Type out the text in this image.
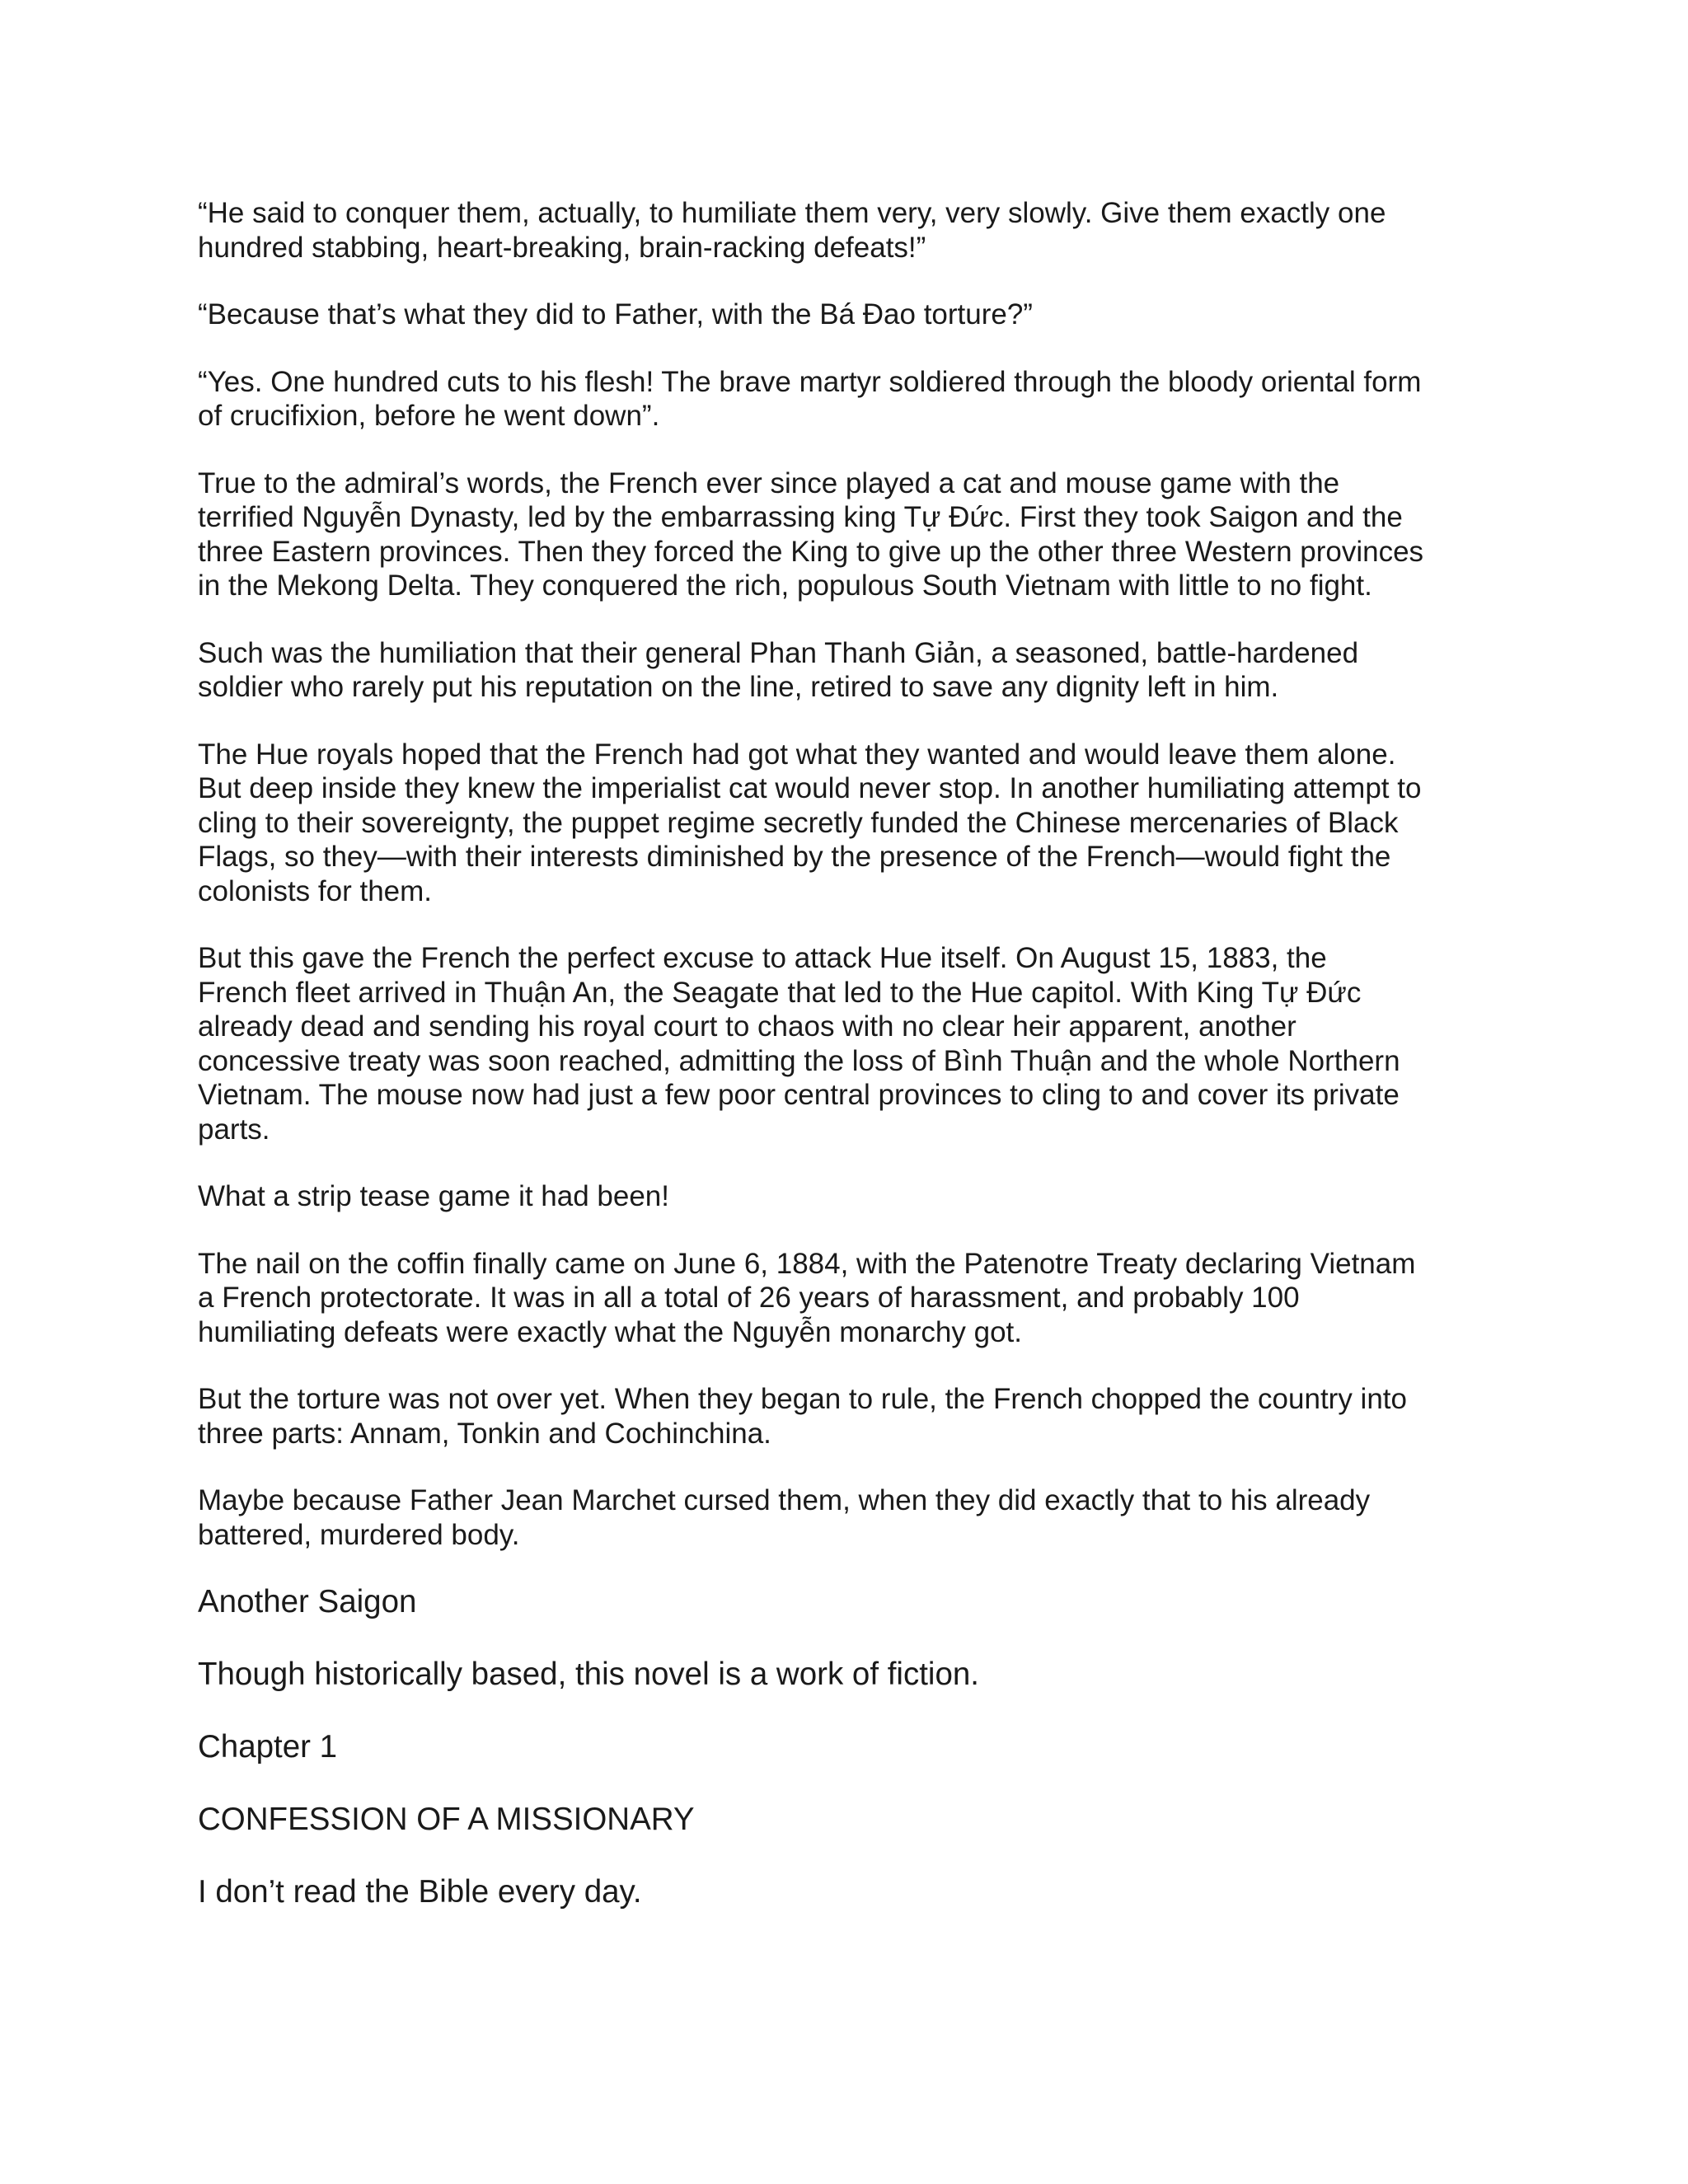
“He said to conquer them, actually, to humiliate them very, very slowly. Give them exactly one
hundred stabbing, heart-breaking, brain-racking defeats!”

“Because that’s what they did to Father, with the Bá Đao torture?”

“Yes. One hundred cuts to his flesh! The brave martyr soldiered through the bloody oriental form
of crucifixion, before he went down”.

True to the admiral’s words, the French ever since played a cat and mouse game with the
terrified Nguyễn Dynasty, led by the embarrassing king Tự Đức. First they took Saigon and the
three Eastern provinces. Then they forced the King to give up the other three Western provinces
in the Mekong Delta. They conquered the rich, populous South Vietnam with little to no fight.

Such was the humiliation that their general Phan Thanh Giản, a seasoned, battle-hardened
soldier who rarely put his reputation on the line, retired to save any dignity left in him.

The Hue royals hoped that the French had got what they wanted and would leave them alone.
But deep inside they knew the imperialist cat would never stop. In another humiliating attempt to
cling to their sovereignty, the puppet regime secretly funded the Chinese mercenaries of Black
Flags, so they—with their interests diminished by the presence of the French—would fight the
colonists for them.

But this gave the French the perfect excuse to attack Hue itself. On August 15, 1883, the
French fleet arrived in Thuận An, the Seagate that led to the Hue capitol. With King Tự Đức
already dead and sending his royal court to chaos with no clear heir apparent, another
concessive treaty was soon reached, admitting the loss of Bình Thuận and the whole Northern
Vietnam. The mouse now had just a few poor central provinces to cling to and cover its private
parts.

What a strip tease game it had been!

The nail on the coffin finally came on June 6, 1884, with the Patenotre Treaty declaring Vietnam
a French protectorate. It was in all a total of 26 years of harassment, and probably 100
humiliating defeats were exactly what the Nguyễn monarchy got.

But the torture was not over yet. When they began to rule, the French chopped the country into
three parts: Annam, Tonkin and Cochinchina.

Maybe because Father Jean Marchet cursed them, when they did exactly that to his already
battered, murdered body.

Another Saigon

Though historically based, this novel is a work of fiction.

Chapter 1

CONFESSION OF A MISSIONARY

I don’t read the Bible every day.
